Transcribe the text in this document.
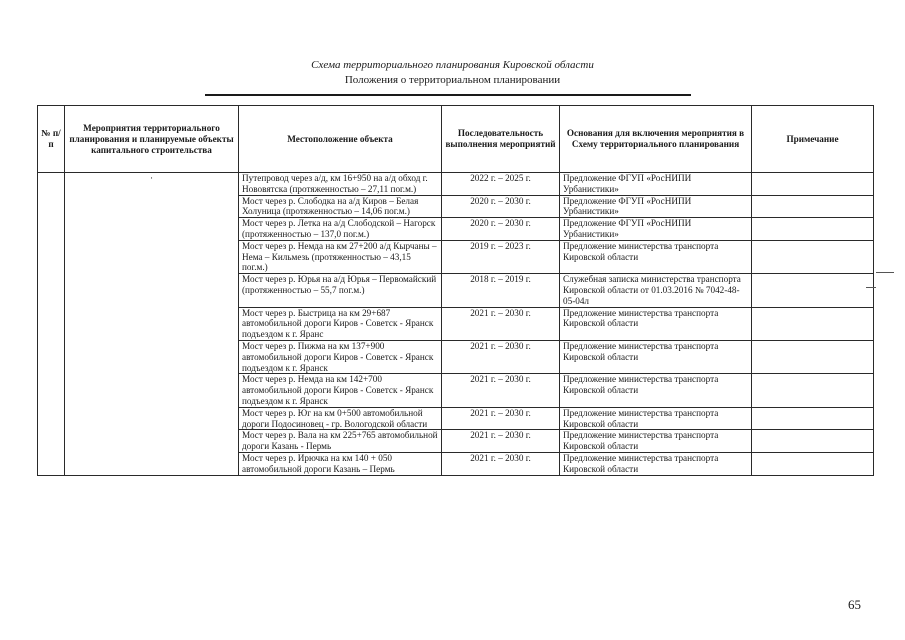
Схема территориального планирования Кировской области
Положения о территориальном планировании
№ п/п	Мероприятия территориального планирования и планируемые объекты капитального строительства	Местоположение объекта	Последовательность выполнения мероприятий	Основания для включения мероприятия в Схему территориального планирования	Примечание
	·	Путепровод через а/д, км 16+950 на а/д обход г. Нововятска (протяженностью – 27,11 пог.м.)	2022 г. – 2025 г.	Предложение ФГУП «РосНИПИ Урбанистики»	
		Мост через р. Слободка на а/д Киров – Белая Холуница (протяженностью – 14,06 пог.м.)	2020 г. – 2030 г.	Предложение ФГУП «РосНИПИ Урбанистики»	
		Мост через р. Летка на а/д Слободской – Нагорск (протяженностью – 137,0 пог.м.)	2020 г. – 2030 г.	Предложение ФГУП «РосНИПИ Урбанистики»	
		Мост через р. Немда на км 27+200 а/д Кырчаны – Нема – Кильмезь (протяженностью – 43,15 пог.м.)	2019 г. – 2023 г.	Предложение министерства транспорта Кировской области	
		Мост через р. Юрья на а/д Юрья – Первомайский (протяженностью – 55,7 пог.м.)	2018 г. – 2019 г.	Служебная записка министерства транспорта Кировской области от 01.03.2016 № 7042-48-05-04л	
		Мост через р. Быстрица на км 29+687 автомобильной дороги Киров - Советск - Яранск подъездом к г. Яранс	2021 г. – 2030 г.	Предложение министерства транспорта Кировской области	
		Мост через р. Пижма на км 137+900 автомобильной дороги Киров - Советск - Яранск подъездом к г. Яранск	2021 г. – 2030 г.	Предложение министерства транспорта Кировской области	
		Мост через р. Немда на км 142+700 автомобильной дороги Киров - Советск - Яранск подъездом к г. Яранск	2021 г. – 2030 г.	Предложение министерства транспорта Кировской области	
		Мост через р. Юг на км 0+500 автомобильной дороги Подосиновец - гр. Вологодской области	2021 г. – 2030 г.	Предложение министерства транспорта Кировской области	
		Мост через р. Вала на км 225+765 автомобильной дороги Казань - Пермь	2021 г. – 2030 г.	Предложение министерства транспорта Кировской области	
		Мост через р. Ирючка на км 140 + 050 автомобильной дороги Казань – Пермь	2021 г. – 2030 г.	Предложение министерства транспорта Кировской области	
65
